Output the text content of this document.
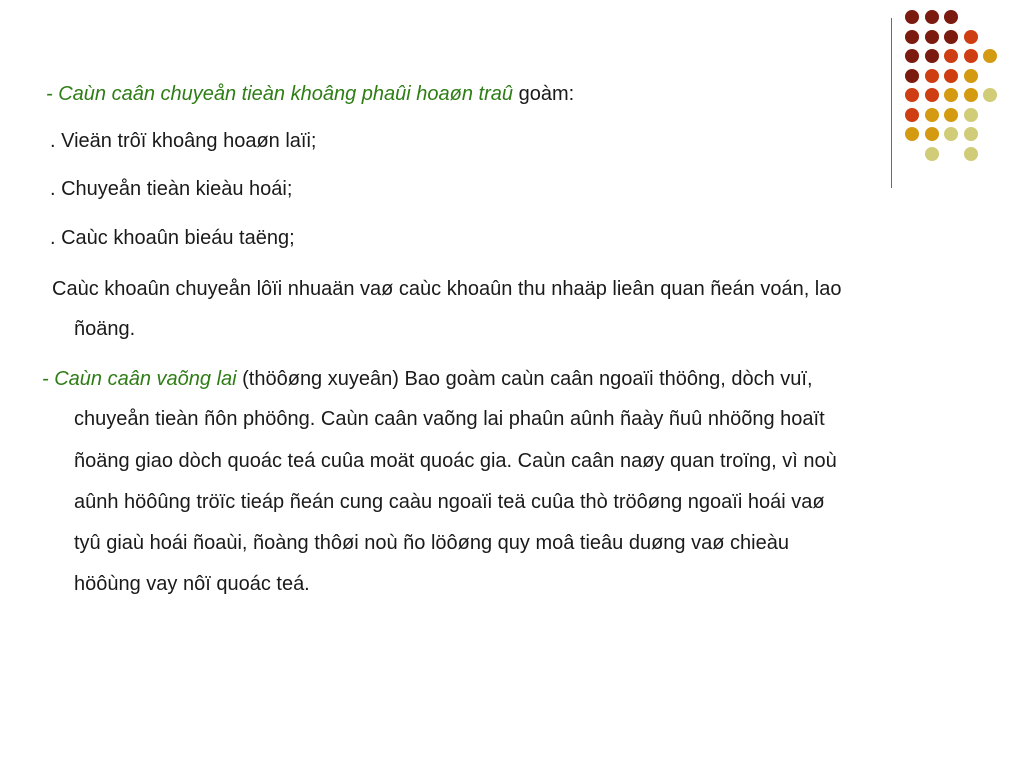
- Caùn caân chuyeån tieàn khoâng phaûi hoaøn traû goàm:
. Vieän trôï khoâng hoaøn laïi;
. Chuyeån tieàn kieàu hoái;
. Caùc khoaûn bieáu taëng;
Caùc khoaûn chuyeån lôïi nhuaän vaø caùc khoaûn thu nhaäp lieân quan ñeán voán, lao
ñoäng.
- Caùn caân vaõng lai (thöôøng xuyeân) Bao goàm caùn caân ngoaïi thöông, dòch vuï,
chuyeån tieàn ñôn phöông. Caùn caân vaõng lai phaûn aûnh ñaày ñuû nhöõng hoaït
ñoäng giao dòch quoác teá cuûa moät quoác gia. Caùn caân naøy quan troïng, vì noù
aûnh höôûng tröïc tieáp ñeán cung caàu ngoaïi teä cuûa thò tröôøng ngoaïi hoái vaø
tyû giaù hoái ñoaùi, ñoàng thôøi noù ño löôøng quy moâ tieâu duøng vaø chieàu
höôùng vay nôï quoác teá.
